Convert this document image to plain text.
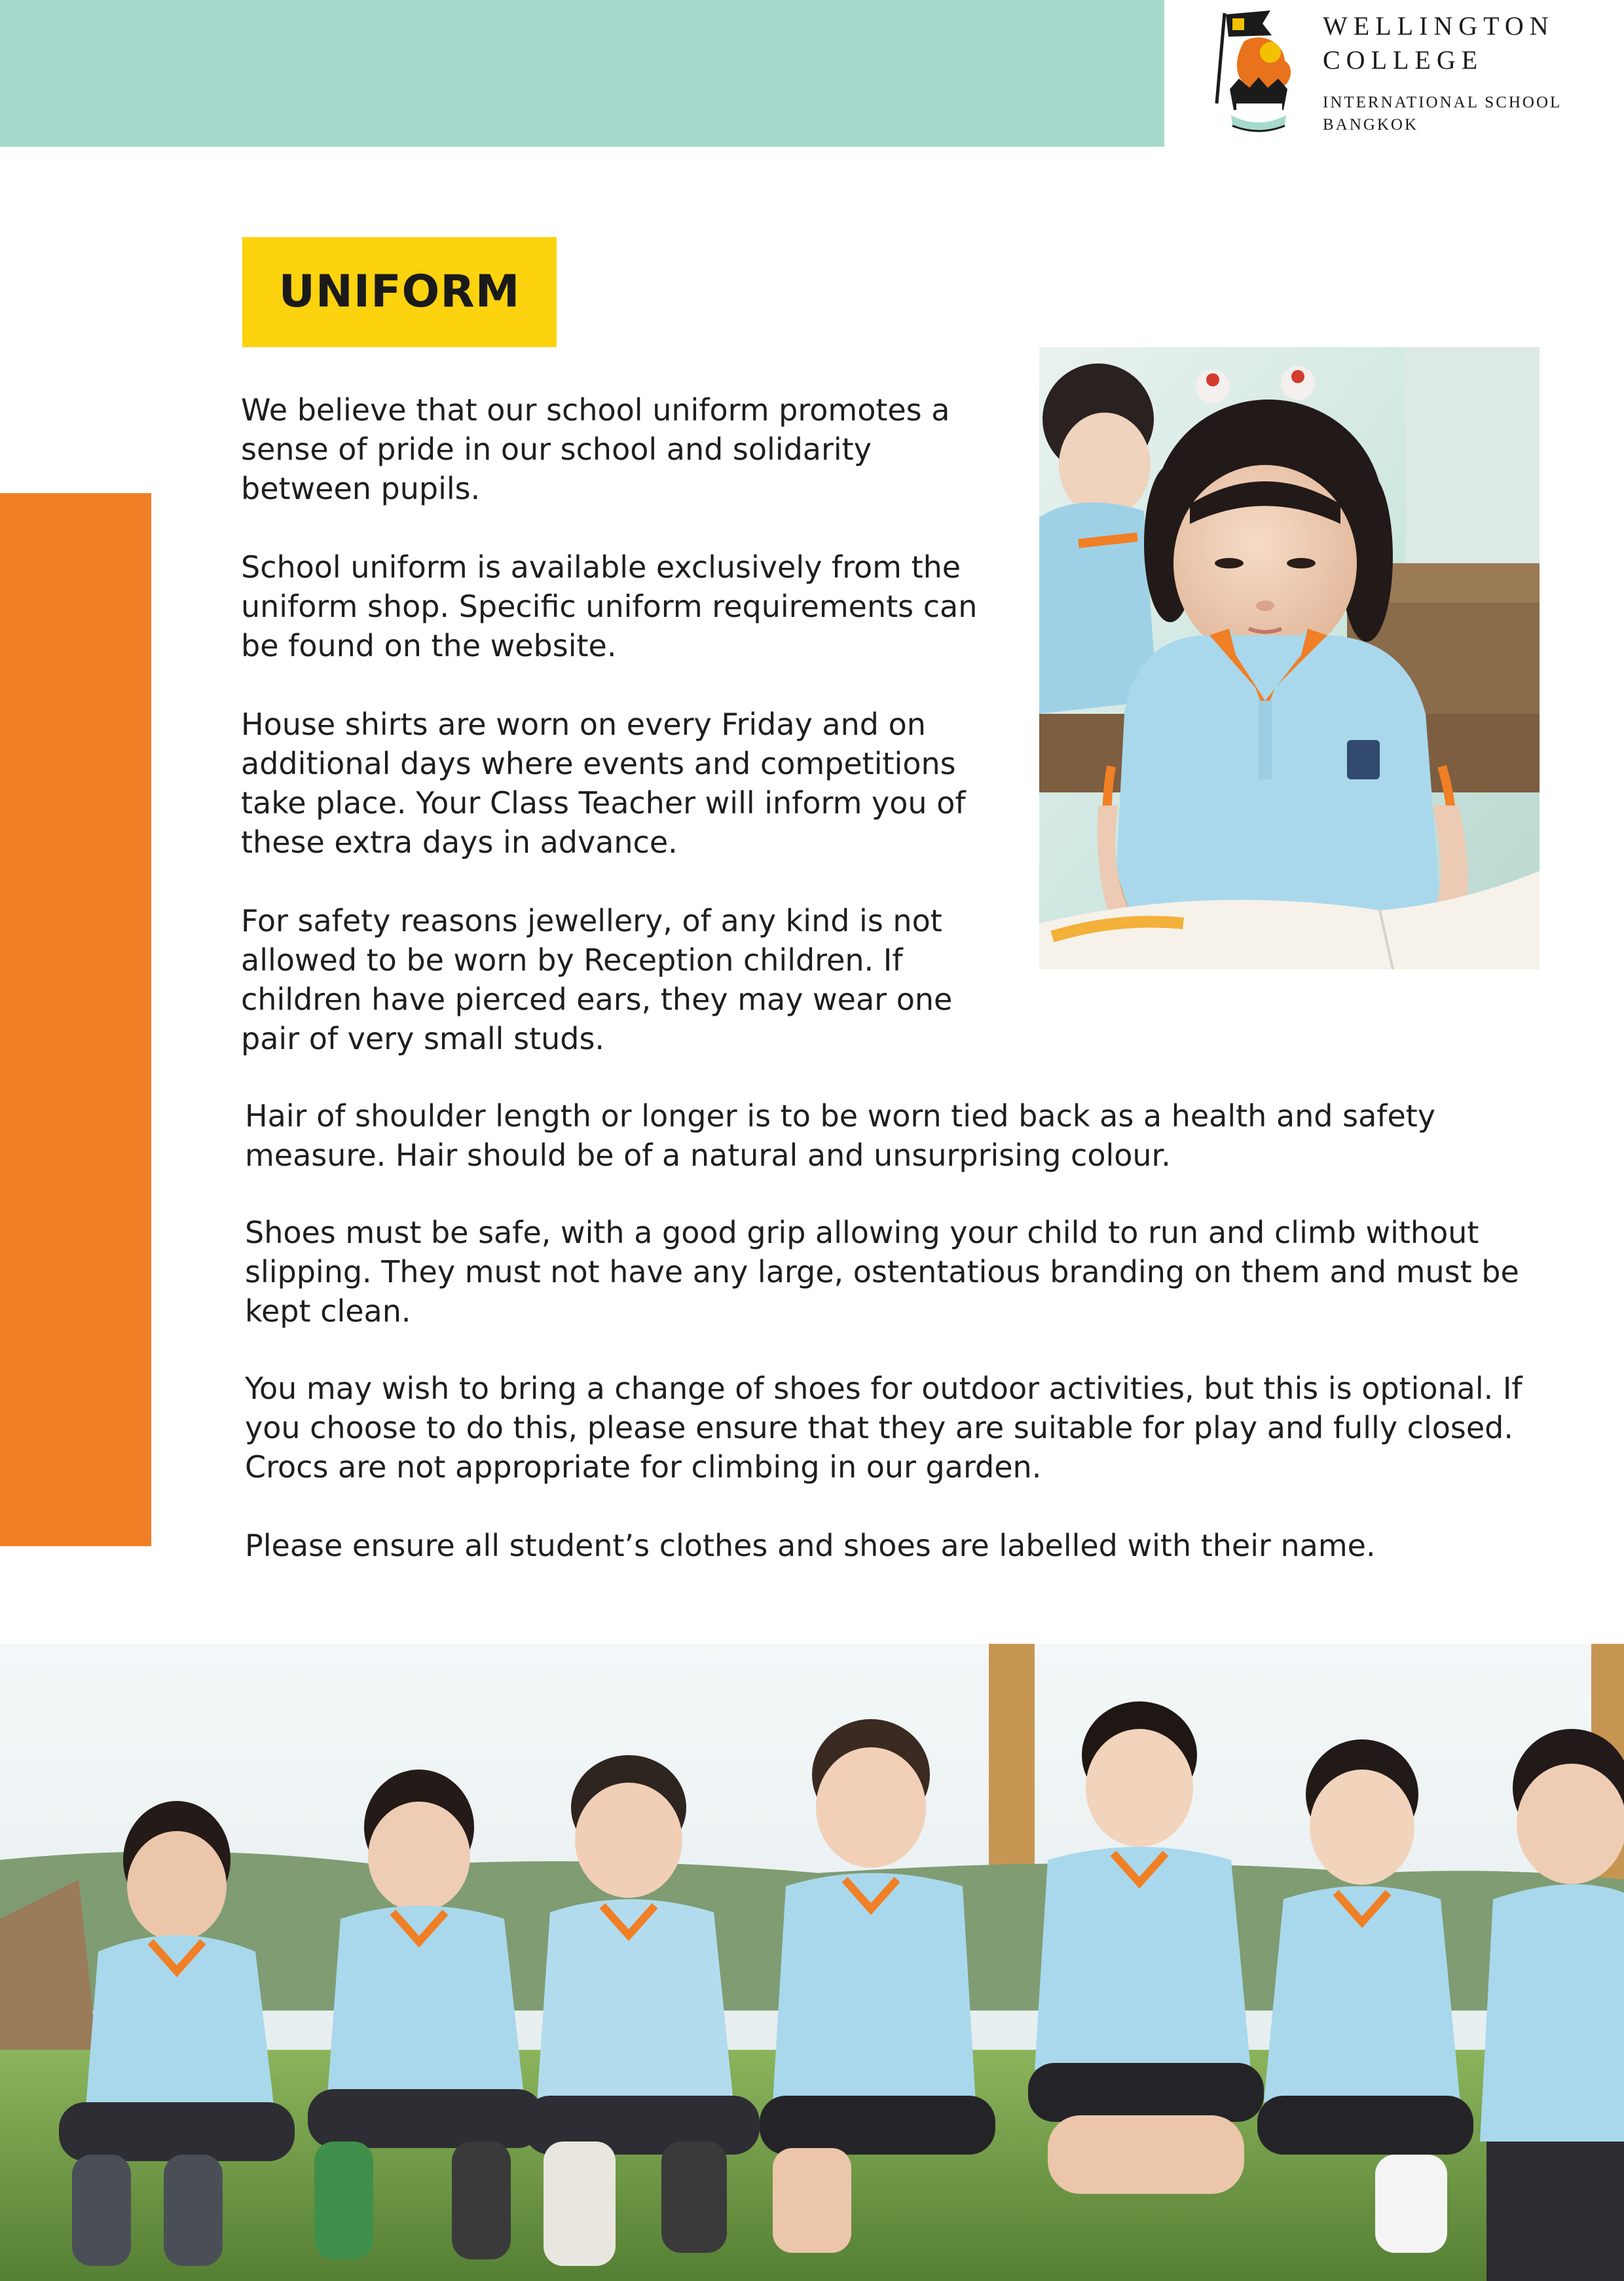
WELLINGTON
COLLEGE
INTERNATIONAL SCHOOL
BANGKOK
UNIFORM

We believe that our school uniform promotes a sense of pride in our school and solidarity between pupils.

School uniform is available exclusively from the uniform shop. Specific uniform requirements can be found on the website.

House shirts are worn on every Friday and on additional days where events and competitions take place. Your Class Teacher will inform you of these extra days in advance.

For safety reasons jewellery, of any kind is not allowed to be worn by Reception children. If children have pierced ears, they may wear one pair of very small studs.

Hair of shoulder length or longer is to be worn tied back as a health and safety measure. Hair should be of a natural and unsurprising colour.

Shoes must be safe, with a good grip allowing your child to run and climb without slipping. They must not have any large, ostentatious branding on them and must be kept clean.

You may wish to bring a change of shoes for outdoor activities, but this is optional. If you choose to do this, please ensure that they are suitable for play and fully closed. Crocs are not appropriate for climbing in our garden.

Please ensure all student’s clothes and shoes are labelled with their name.
